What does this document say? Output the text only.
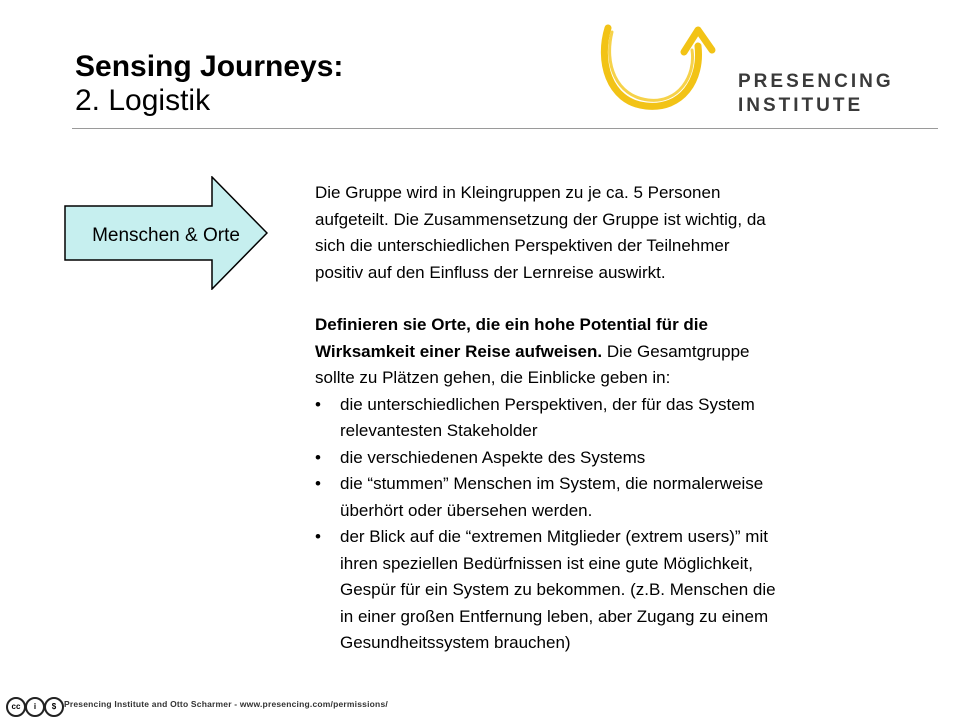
Sensing Journeys:
2. Logistik
PRESENCING
INSTITUTE
Menschen & Orte

Die Gruppe wird in Kleingruppen zu je ca. 5 Personen

aufgeteilt. Die Zusammensetzung der Gruppe ist wichtig, da

sich die unterschiedlichen Perspektiven der Teilnehmer

positiv auf den Einfluss der Lernreise auswirkt.

Definieren sie Orte, die ein hohe Potential für die

Wirksamkeit einer Reise aufweisen. Die Gesamtgruppe

sollte zu Plätzen gehen, die Einblicke geben in:

• die unterschiedlichen Perspektiven, der für das System

relevantesten Stakeholder

• die verschiedenen Aspekte des Systems

• die “stummen” Menschen im System, die normalerweise

überhört oder übersehen werden.

• der Blick auf die “extremen Mitglieder (extrem users)” mit

ihren speziellen Bedürfnissen ist eine gute Möglichkeit,

Gespür für ein System zu bekommen. (z.B. Menschen die

in einer großen Entfernung leben, aber Zugang zu einem

Gesundheitssystem brauchen)

cc	i	$ Presencing Institute and Otto Scharmer - www.presencing.com/permissions/
